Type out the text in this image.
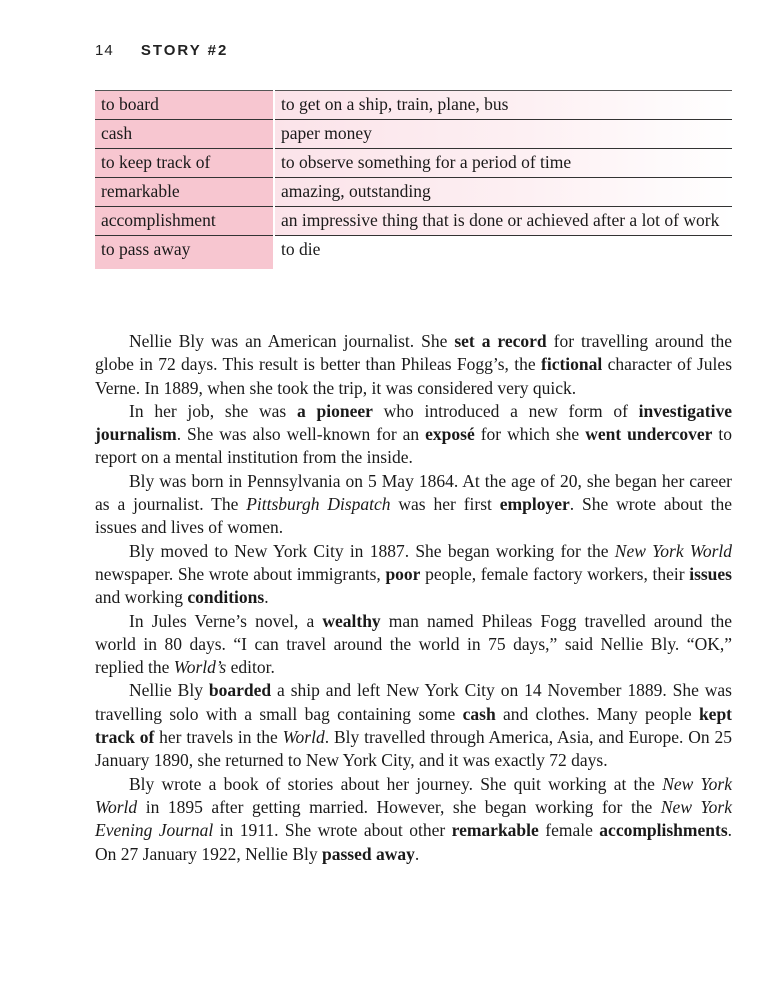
14 STORY #2
to board	to get on a ship, train, plane, bus
cash	paper money
to keep track of	to observe something for a period of time
remarkable	amazing, outstanding
accomplishment	an impressive thing that is done or achieved after a lot of work
to pass away	to die

Nellie Bly was an American journalist. She set a record for travelling around the globe in 72 days. This result is better than Phileas Fogg’s, the fictional character of Jules Verne. In 1889, when she took the trip, it was considered very quick.

In her job, she was a pioneer who introduced a new form of investigative journalism. She was also well-known for an exposé for which she went undercover to report on a mental institution from the inside.

Bly was born in Pennsylvania on 5 May 1864. At the age of 20, she began her career as a journalist. The Pittsburgh Dispatch was her first employer. She wrote about the issues and lives of women.

Bly moved to New York City in 1887. She began working for the New York World newspaper. She wrote about immigrants, poor people, female factory workers, their issues and working conditions.

In Jules Verne’s novel, a wealthy man named Phileas Fogg travelled around the world in 80 days. “I can travel around the world in 75 days,” said Nellie Bly. “OK,” replied the World’s editor.

Nellie Bly boarded a ship and left New York City on 14 November 1889. She was travelling solo with a small bag containing some cash and clothes. Many people kept track of her travels in the World. Bly travelled through America, Asia, and Europe. On 25 January 1890, she returned to New York City, and it was exactly 72 days.

Bly wrote a book of stories about her journey. She quit working at the New York World in 1895 after getting married. However, she began working for the New York Evening Journal in 1911. She wrote about other remarkable female accomplishments. On 27 January 1922, Nellie Bly passed away.
